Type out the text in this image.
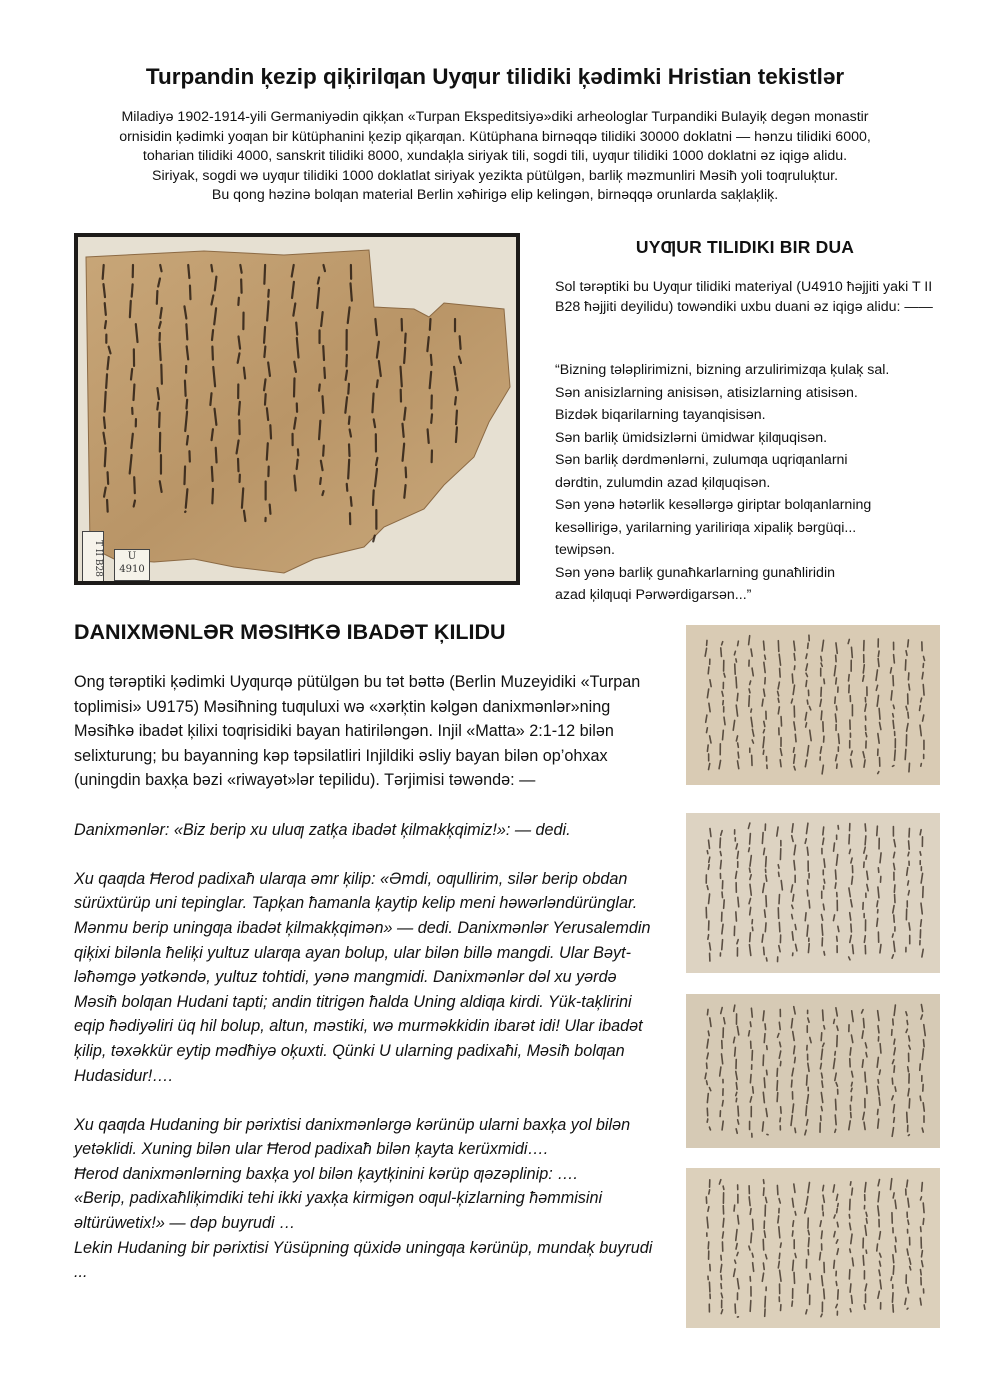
Turpandin ķezip qiķirilƣan Uyƣur tilidiki ķədimki Hristian tekistlər

Miladiyə 1902-1914-yili Germaniyədin qikķan «Turpan Ekspeditsiyə»diki arheologlar Turpandiki Bulayiķ degən monastir

ornisidin ķədimki yoƣan bir kütüphanini ķezip qiķarƣan. Kütüphana birnəqqə tilidiki 30000 doklatni — hənzu tilidiki 6000,

toharian tilidiki 4000, sanskrit tilidiki 8000, xundaķla siriyak tili, sogdi tili, uyƣur tilidiki 1000 doklatni əz iqigə alidu.

Siriyak, sogdi wə uyƣur tilidiki 1000 doklatlat siriyak yezikta pütülgən, barliķ məzmunliri Məsiħ yoli toƣruluķtur.

Bu qong həzinə bolƣan material Berlin xəħirigə elip kelingən, birnəqqə orunlarda saķlaķliķ.

T II B28	U 4910
UYƢUR TILIDIKI BIR DUA

Sol tərəptiki bu Uyƣur tilidiki materiyal (U4910 ħəjjiti yaki T II B28 ħəjjiti deyilidu) towəndiki uxbu duani əz iqigə alidu: ——

“Bizning tələplirimizni, bizning arzulirimizƣa ķulaķ sal.
Sən anisizlarning anisisən, atisizlarning atisisən.
Bizdək biqarilarning tayanqisisən.
Sən barliķ ümidsizlərni ümidwar ķilƣuqisən.
Sən barliķ dərdmənlərni, zulumƣa uqriƣanlarni
dərdtin, zulumdin azad ķilƣuqisən.
Sən yənə hətərlik kesəllərgə giriptar bolƣanlarning
kesəllirigə, yarilarning yariliriƣa xipaliķ bərgüqi...
tewipsən.
Sən yənə barliķ gunaħkarlarning gunaħliridin
azad ķilƣuqi Pərwərdigarsən...”
DANIXMƏNLƏR MƏSIĦKƏ IBADƏT ĶILIDU

Ong tərəptiki ķədimki Uyƣurqə pütülgən bu tət bəttə (Berlin Muzeyidiki «Turpan toplimisi» U9175) Məsiħning tuƣuluxi wə «xərķtin kəlgən danixmənlər»ning Məsiħkə ibadət ķilixi toƣrisidiki bayan hatiriləngən. Injil «Matta» 2:1-12 bilən selixturung; bu bayanning kəp təpsilatliri Injildiki əsliy bayan bilən op’ohxax (uningdin baxķa bəzi «riwayət»lər tepilidu). Tərjimisi təwəndə: —

Danixmənlər: «Biz berip xu uluƣ zatķa ibadət ķilmakķqimiz!»: — dedi.

Xu qaƣda Ħerod padixaħ ularƣa əmr ķilip: «Əmdi, oƣullirim, silər berip obdan sürüxtürüp uni tepinglar. Tapķan ħamanla ķaytip kelip meni həwərləndürünglar. Mənmu berip uningƣa ibadət ķilmakķqimən» — dedi. Danixmənlər Yerusalemdin qiķixi bilənla ħeliķi yultuz ularƣa ayan bolup, ular bilən billə mangdi. Ular Bəyt-ləħəmgə yətkəndə, yultuz tohtidi, yənə mangmidi. Danixmənlər dəl xu yərdə Məsiħ bolƣan Hudani tapti; andin titrigən ħalda Uning aldiƣa kirdi. Yük-taķlirini eqip ħədiyəliri üq hil bolup, altun, məstiki, wə murməkkidin ibarət idi! Ular ibadət ķilip, təxəkkür eytip mədħiyə oķuxti. Qünki U ularning padixaħi, Məsiħ bolƣan Hudasidur!….

Xu qaƣda Hudaning bir pərixtisi danixmənlərgə kərünüp ularni baxķa yol bilən yetəklidi. Xuning bilən ular Ħerod padixaħ bilən ķayta kerüxmidi….

Ħerod danixmənlərning baxķa yol bilən ķaytķinini kərüp ƣəzəplinip: ….

«Berip, padixaħliķimdiki tehi ikki yaxķa kirmigən oƣul-ķizlarning ħəmmisini əltürüwetix!» — dəp buyrudi …

Lekin Hudaning bir pərixtisi Yüsüpning qüxidə uningƣa kərünüp, mundaķ buyrudi ...
